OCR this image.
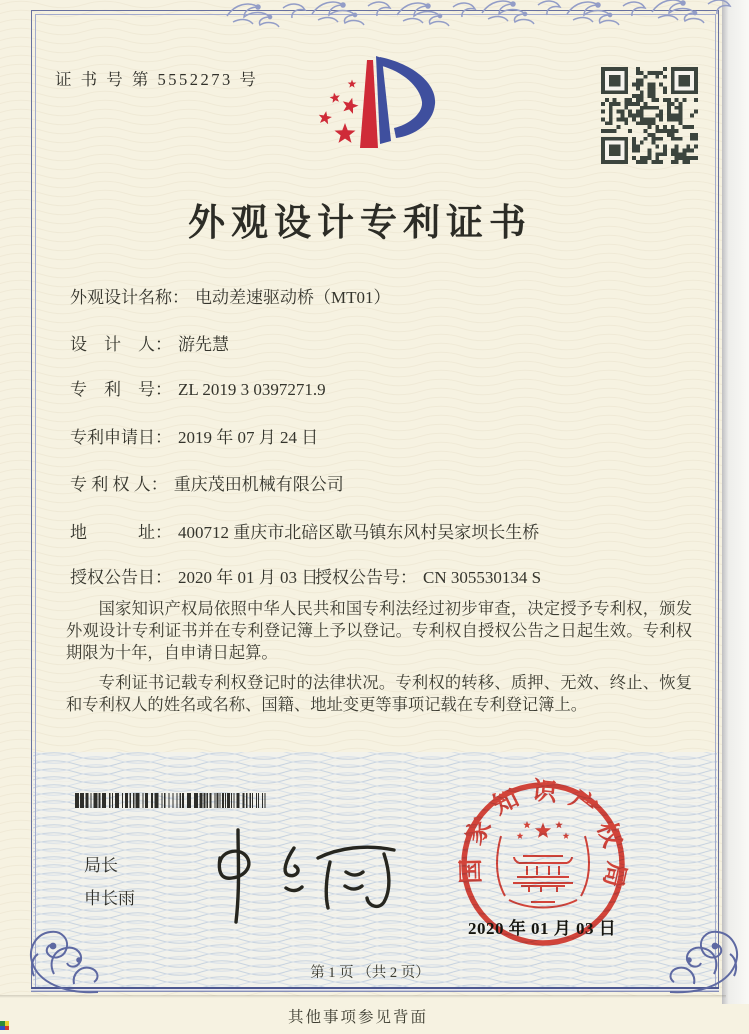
证 书 号 第 5552273 号
外观设计专利证书
外观设计名称： 电动差速驱动桥（MT01）
设　计　人： 游先慧
专　利　号： ZL 2019 3 0397271.9
专利申请日： 2019 年 07 月 24 日
专 利 权 人： 重庆茂田机械有限公司
地　　　址： 400712 重庆市北碚区歇马镇东风村吴家坝长生桥
授权公告日： 2020 年 01 月 03 日
授权公告号： CN 305530134 S

国家知识产权局依照中华人民共和国专利法经过初步审查，决定授予专利权，颁发外观设计专利证书并在专利登记簿上予以登记。专利权自授权公告之日起生效。专利权期限为十年，自申请日起算。

专利证书记载专利权登记时的法律状况。专利权的转移、质押、无效、终止、恢复和专利权人的姓名或名称、国籍、地址变更等事项记载在专利登记簿上。

局长
申长雨
国家知识产权局
2020 年 01 月 03 日
第 1 页 （共 2 页）
其他事项参见背面
